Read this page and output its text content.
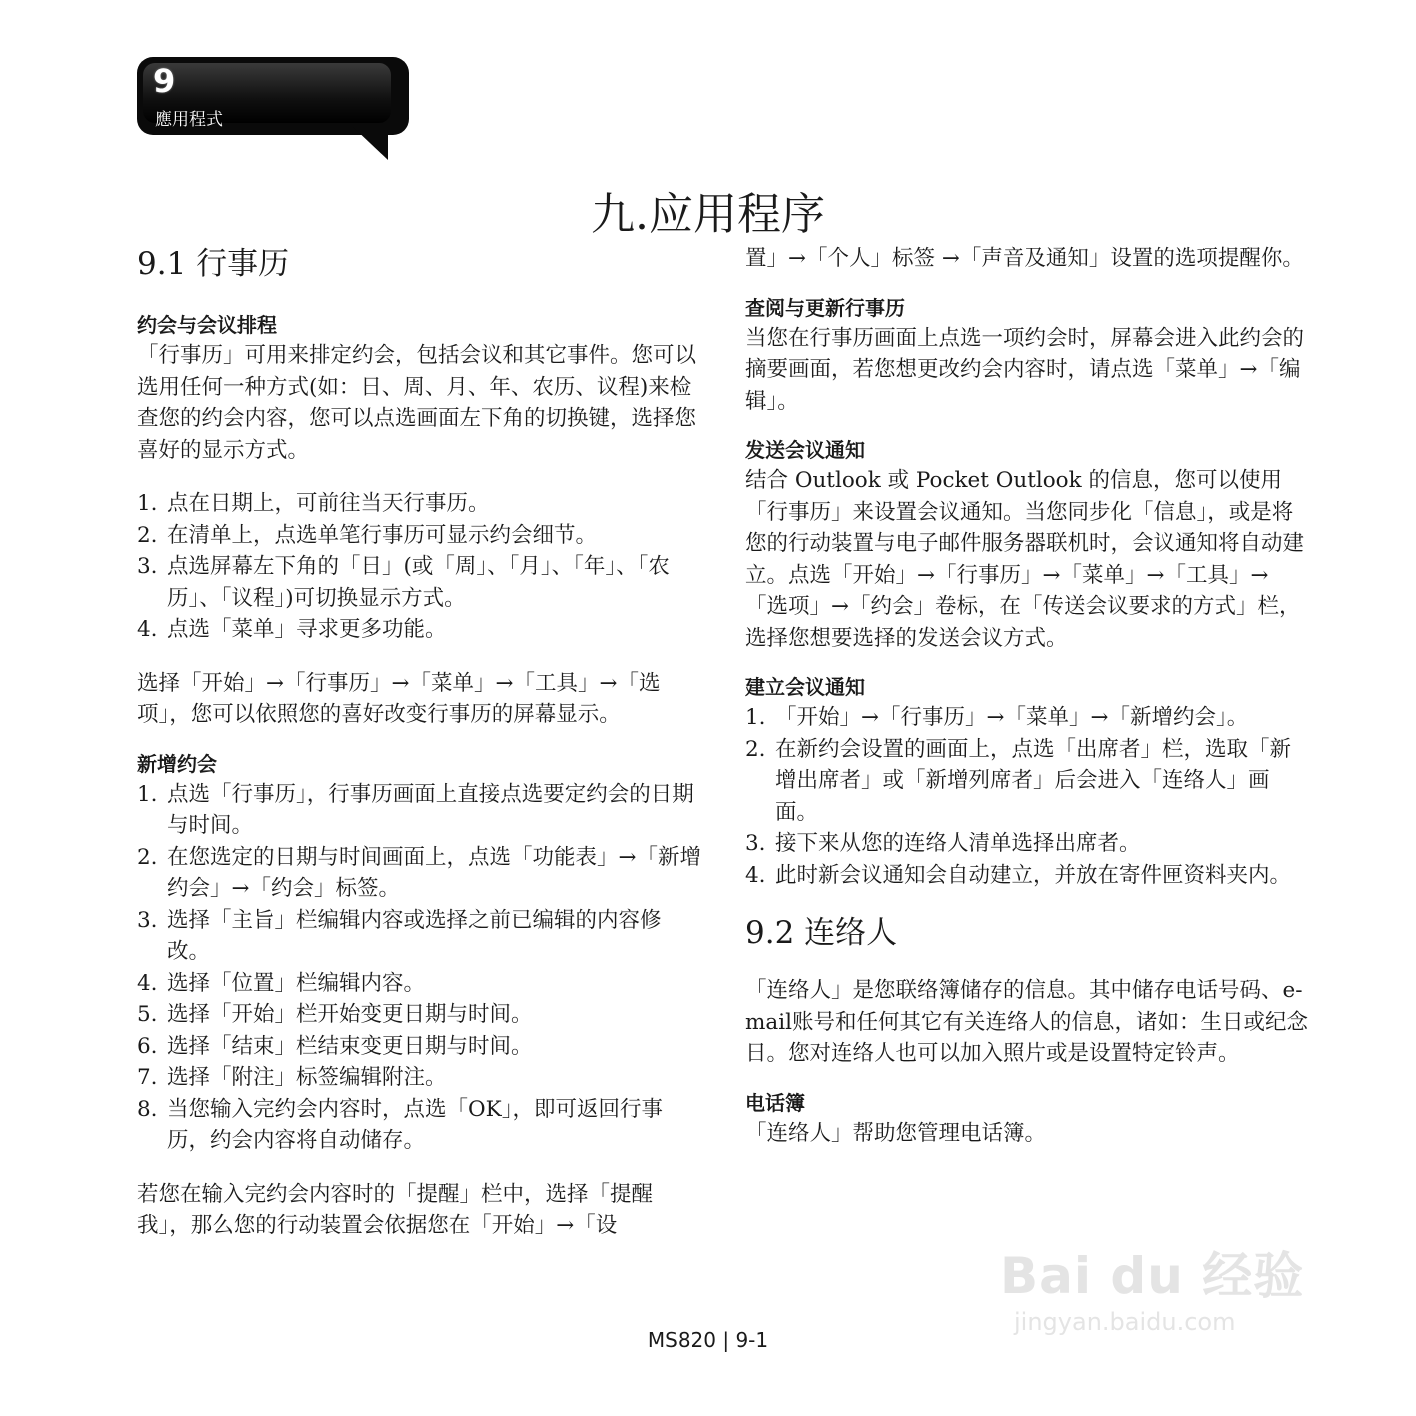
9
應用程式
九.应用程序
9.1 行事历
约会与会议排程

「行事历」可用来排定约会，包括会议和其它事件。您可以选用任何一种方式(如：日、周、月、年、农历、议程)来检查您的约会内容，您可以点选画面左下角的切换键，选择您喜好的显示方式。

1. 点在日期上，可前往当天行事历。
2. 在清单上，点选单笔行事历可显示约会细节。
3. 点选屏幕左下角的「日」(或「周」、「月」、「年」、「农历」、「议程」)可切换显示方式。
4. 点选「菜单」寻求更多功能。

选择「开始」→「行事历」→「菜单」→「工具」→「选项」，您可以依照您的喜好改变行事历的屏幕显示。

新增约会
1. 点选「行事历」，行事历画面上直接点选要定约会的日期与时间。
2. 在您选定的日期与时间画面上，点选「功能表」→「新增约会」→「约会」标签。
3. 选择「主旨」栏编辑内容或选择之前已编辑的内容修改。
4. 选择「位置」栏编辑内容。
5. 选择「开始」栏开始变更日期与时间。
6. 选择「结束」栏结束变更日期与时间。
7. 选择「附注」标签编辑附注。
8. 当您输入完约会内容时，点选「OK」，即可返回行事历，约会内容将自动储存。

若您在输入完约会内容时的「提醒」栏中，选择「提醒我」，那么您的行动装置会依据您在「开始」→「设

置」→「个人」标签 →「声音及通知」设置的选项提醒你。

查阅与更新行事历

当您在行事历画面上点选一项约会时，屏幕会进入此约会的摘要画面，若您想更改约会内容时，请点选「菜单」→「编辑」。

发送会议通知

结合 Outlook 或 Pocket Outlook 的信息，您可以使用「行事历」来设置会议通知。当您同步化「信息」，或是将您的行动装置与电子邮件服务器联机时，会议通知将自动建立。点选「开始」→「行事历」→「菜单」→「工具」→「选项」→「约会」卷标，在「传送会议要求的方式」栏，选择您想要选择的发送会议方式。

建立会议通知
1. 「开始」→「行事历」→「菜单」→「新增约会」。
2. 在新约会设置的画面上，点选「出席者」栏，选取「新增出席者」或「新增列席者」后会进入「连络人」画面。
3. 接下来从您的连络人清单选择出席者。
4. 此时新会议通知会自动建立，并放在寄件匣资料夹内。
9.2 连络人

「连络人」是您联络簿储存的信息。其中储存电话号码、e-mail账号和任何其它有关连络人的信息，诸如：生日或纪念日。您对连络人也可以加入照片或是设置特定铃声。

电话簿

「连络人」帮助您管理电话簿。

Bai du 经验
jingyan.baidu.com
MS820 | 9-1
